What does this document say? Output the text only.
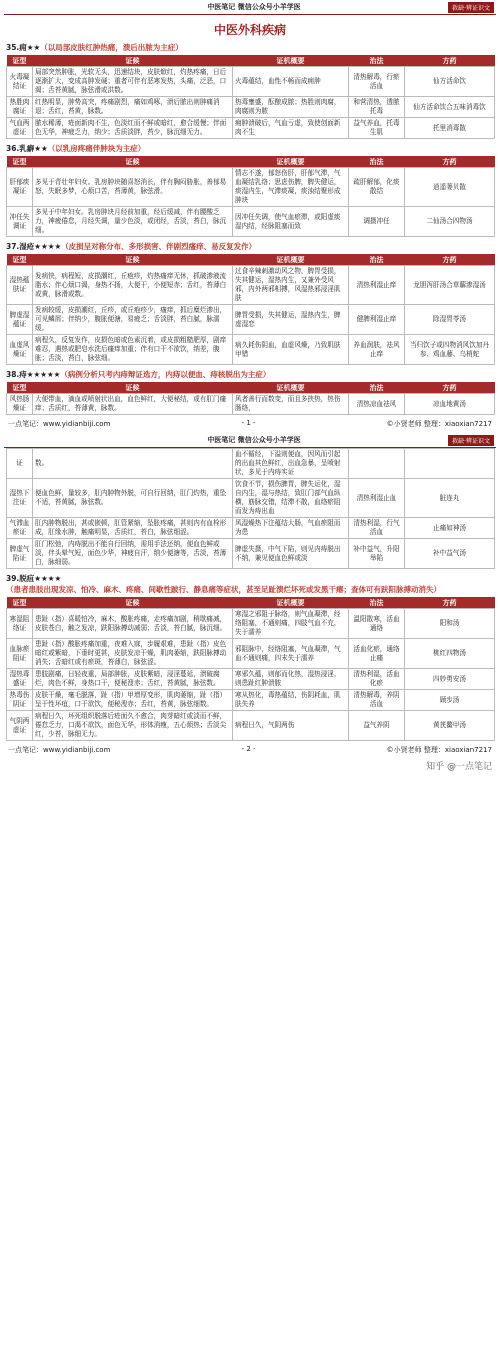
中医笔记 微信公众号小羊学医	救缺·辨证识文
中医外科疾病
35.痈★★（以局部皮肤红肿热痛，溃后出脓为主症）
证型	证候	证机概要	治法	方药
火毒凝结证	局部突然肿胀，光软无头，迅速结块，皮肤焮红，灼热疼痛，日后逐渐扩大，变成高肿发硬；重者可伴有恶寒发热，头痛，泛恶，口渴；舌苔黄腻，脉弦滑或洪数。	火毒蕴结，血性不畅而成痈肿	清热解毒，行瘀活血	仙方活命饮
热胜肉腐证	红热明显，肿势高突，疼痛剧烈，痛如鸡啄，溃后脓出则肿痛消退；舌红，苔黄，脉数。	热毒壅盛，酝酿成脓；热胜则肉腐，肉腐则为脓	和营清热，透脓托毒	仙方活命饮合五味消毒饮
气血两虚证	脓水稀薄，疮面新肉不生，色淡红而不鲜或暗红，愈合缓慢；伴面色无华，神疲乏力，纳少；舌质淡胖，苔少，脉沉细无力。	痈肿溃破后，气血亏虚，致使创面新肉不生	益气养血，托毒生肌	托里消毒散
36.乳癖★★（以乳房疼痛伴肿块为主症）
证型	证候	证机概要	治法	方药
肝郁痰凝证	多见于青壮年妇女。乳房肿块随喜怒消长，伴有胸闷胁胀，善郁易怒，失眠多梦，心烦口苦，苔薄黄，脉弦滑。	情志不遂，郁怒伤肝，肝郁气滞，气血凝结乳络；思虑伤脾，脾失健运，痰湿内生，气滞痰凝，痰浊结聚形成肿块	疏肝解郁，化痰散结	逍遥蒌贝散
冲任失调证	多见于中年妇女。乳房肿块月经前加重，经后缓减，伴有腰酸乏力，神疲倦怠，月经失调，量少色淡，或闭经，舌淡，苔白，脉沉细。	因冲任失调，使气血瘀滞，或阳虚痰湿内结，经脉阻塞而致	调摄冲任	二仙汤合四物汤
37.湿疮★★★★（皮损呈对称分布、多形损害、伴剧烈瘙痒、易反复发作）
证型	证候	证机概要	治法	方药
湿热蕴肤证	发病快，病程短，皮损潮红，丘疱疹，灼热瘙痒无休，抓破渗液流脂水；伴心烦口渴，身热不扬，大便干，小便短赤；舌红，苔薄白或黄，脉滑或数。	过食辛辣刺激动风之物，脾胃受损，失其健运，湿热内生，又兼外受风邪，内外两邪相搏，风湿热邪浸淫肌肤	清热利湿止痒	龙胆泻肝汤合草薢渗湿汤
脾虚湿蕴证	发病较缓，皮损潮红，丘疹，或丘疱疹少，瘙痒，抓后糜烂渗出，可见鳞屑；伴纳少，腹胀便溏，易疲乏；舌淡胖，苔白腻，脉濡缓。	脾胃受损，失其健运，湿热内生，脾虚湿恋	健脾利湿止痒	除湿胃苓汤
血虚风燥证	病程久，反复发作，皮损色暗或色素沉着，或皮损粗糙肥厚，剧痒难忍，遇热或肥皂水洗后瘙痒加重；伴有口干不欲饮，纳差，腹胀；舌淡，苔白，脉弦细。	病久耗伤阴血，血虚风燥，乃致肌肤甲错	养血润肤，祛风止痒	当归饮子或四物消风饮加丹参、鸡血藤、乌梢蛇
38.痔★★★★★（病例分析只考内痔辩证选方，内痔以便血、痔核脱出为主症）
证型	证候	证机概要	治法	方药
风热肠燥证	大便带血，滴血或喷射状出血，血色鲜红，大便秘结，或有肛门瘙痒；舌质红，苔薄黄，脉数。	风者善行而数变，而且多挟热，热伤肠络，	清热凉血祛风	凉血地黄汤
一点笔记：www.yidianbiji.com	- 1 -	©小贤老师 整理：xiaoxian7217
中医笔记 微信公众号小羊学医	救缺·辨证识文
证	数。	血不循经，下溢则便血，因风而引起的出血其色鲜红，出血急暴，呈喷射状，多见于内痔实证		
湿热下注证	便血色鲜，量较多，肛内肿物外脱，可自行回纳，肛门灼热，重坠不适，苔黄腻，脉弦数。	饮食不节，损伤脾胃，脾失运化，湿自内生，湿与热结，致肛门部气血纵横，筋脉交错，结滞不散，血络瘀阻而发为痔出血	清热利湿止血	脏连丸
气滞血瘀证	肛内肿物脱出，甚或嵌顿，肛管紧缩，坠胀疼痛，甚则内有血栓形成，肛缘水肿，触痛明显，舌质红，苔白，脉弦细涩。	风湿燥热下注蕴结大肠，气血瘀阻而为患	清热利湿，行气活血	止痛如神汤
脾虚气陷证	肛门松弛，内痔脱出不能自行回纳，需用手法还纳，便血色鲜或淡，伴头晕气短，面色少华，神疲自汗，纳少便溏等，舌淡，苔薄白，脉细弱。	脾虚失摄，中气下陷，则见内痔脱出不纳，兼见便血色鲜或淡	补中益气，升阳举陷	补中益气汤
39.脱疽★★★★（患者患肢出现发凉、怕冷、麻木、疼痛、间歇性跛行、静息痛等症状，甚至足趾溃烂坏死或发黑干瘪；查体可有趺阳脉搏动消失）
证型	证候	证机概要	治法	方药
寒湿阻络证	患趾（指）喜暖怕冷，麻木，酸胀疼痛，走疼痛加剧，稍歇痛减，皮肤苍白，触之发凉，趺阳脉搏动减弱；舌淡，苔白腻，脉沉细。	寒湿之邪阻于脉络，则气血凝滞，经络阻塞，不通则痛，四肢气血不充，失于濡养	温阳散寒，活血通络	阳和汤
血脉瘀阻证	患趾（指）酸胀疼痛加重，夜难入寐，步履艰难，患趾（指）皮色暗红或紫暗，下垂时更甚，皮肤发凉干燥，肌肉萎缩，趺阳脉搏动消失；舌暗红或有瘀斑，苔薄白，脉弦涩。	邪阻脉中，经络阻塞，气血凝滞，气血不通则痛，四末失于濡养	活血化瘀，通络止痛	桃红四物汤
湿热毒盛证	患肢剧痛，日轻夜重，局部肿胀，皮肤紫暗，浸淫蔓延，溃破腐烂，肉色不鲜，身热口干，便秘溲赤；舌红，苔黄腻，脉弦数。	寒邪久蕴，则郁而化热，湿热浸淫，则患趾红肿溃脓	清热利湿，活血化瘀	四妙勇安汤
热毒伤阴证	皮肤干燥，毫毛脱落，趾（指）甲增厚变形，肌肉萎缩，趾（指）呈干性坏疽，口干欲饮，便秘溲赤；舌红，苔黄，脉弦细数。	寒从热化，毒热蕴结，伤阴耗血，肌肤失养	清热解毒，养阴活血	顾步汤
气阴两虚证	病程日久，坏死组织脱落后疮面久不愈合，肉芽暗红或淡而不鲜，倦怠乏力，口渴不欲饮，面色无华，形体消瘦，五心烦热；舌淡尖红，少苔，脉细无力。	病程日久，气阴两伤	益气养阴	黄芪鳖甲汤
一点笔记：www.yidianbiji.com	- 2 -	©小贤老师 整理：xiaoxian7217
知乎 @一点笔记
